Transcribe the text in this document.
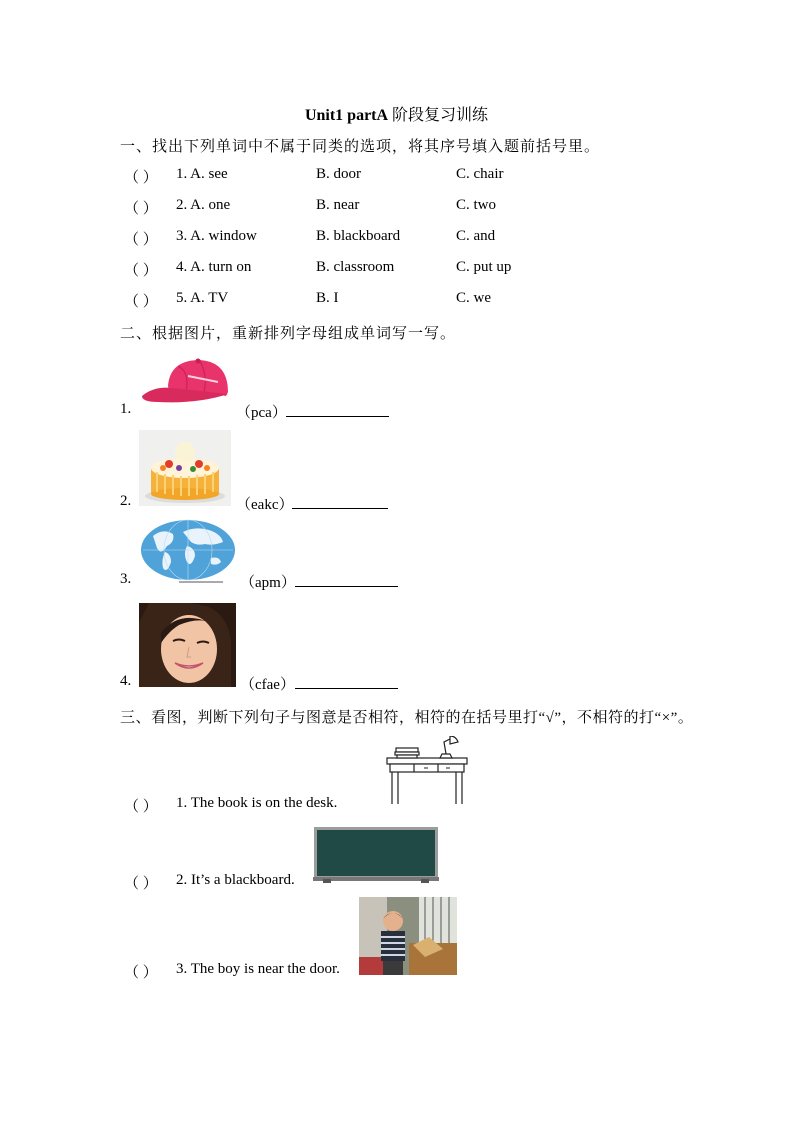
Unit1 partA 阶段复习训练
一、找出下列单词中不属于同类的选项，将其序号填入题前括号里。
（ ） 1. A. see	B. door	C. chair
（ ） 2. A. one	B. near	C. two
（ ） 3. A. window	B. blackboard	C. and
（ ） 4. A. turn on	B. classroom	C. put up
（ ） 5. A. TV	B. I	C. we
二、根据图片，重新排列字母组成单词写一写。
1.	（pca）
2.	（eakc）
3.	（apm）
4.	（cfae）
三、看图，判断下列句子与图意是否相符，相符的在括号里打“√”，不相符的打“×”。
（ ） 1. The book is on the desk.
（ ） 2. It’s a blackboard.
（ ） 3. The boy is near the door.
